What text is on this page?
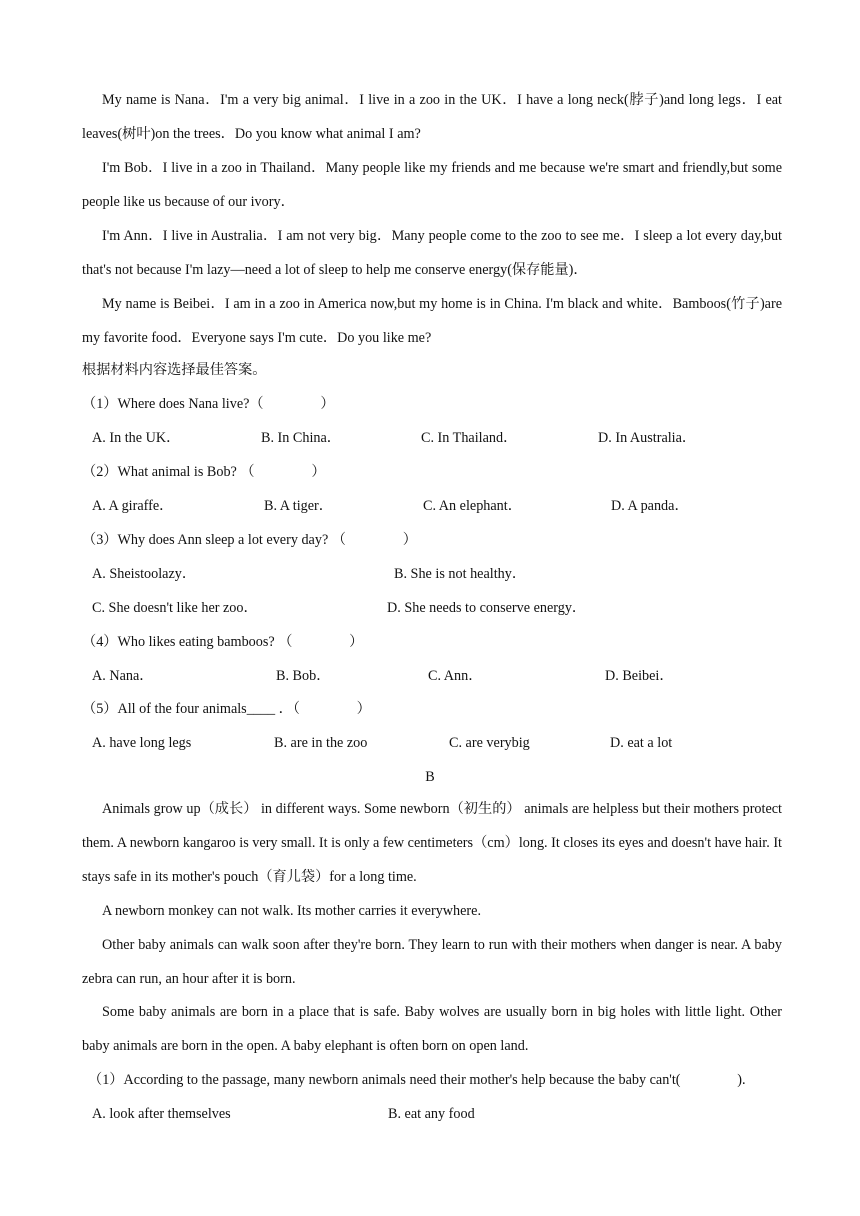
My name is Nana．I'm a very big animal．I live in a zoo in the UK．I have a long neck(脖子)and long legs．I eat leaves(树叶)on the trees．Do you know what animal I am?
I'm Bob．I live in a zoo in Thailand．Many people like my friends and me because we're smart and friendly,but some people like us because of our ivory．
I'm Ann．I live in Australia．I am not very big．Many people come to the zoo to see me．I sleep a lot every day,but that's not because I'm lazy—need a lot of sleep to help me conserve energy(保存能量)．
My name is Beibei．I am in a zoo in America now,but my home is in China. I'm black and white．Bamboos(竹子)are my favorite food．Everyone says I'm cute．Do you like me?
根据材料内容选择最佳答案。
（1）Where does Nana live?（　　　　）
A. In the UK．	B. In China．	C. In Thailand．	D. In Australia．
（2）What animal is Bob? （　　　　）
A. A giraffe．	B. A tiger．	C. An elephant．	D. A panda．
（3）Why does Ann sleep a lot every day? （　　　　）
A. Sheistoolazy．	B. She is not healthy．
C. She doesn't like her zoo．	D. She needs to conserve energy．
（4）Who likes eating bamboos? （　　　　）
A. Nana．	B. Bob．	C. Ann．	D. Beibei．
（5）All of the four animals____ ．（　　　　）
A. have long legs	B. are in the zoo	C. are verybig	D. eat a lot
B
Animals grow up（成长） in different ways. Some newborn（初生的） animals are helpless but their mothers protect them. A newborn kangaroo is very small. It is only a few centimeters（cm）long. It closes its eyes and doesn't have hair. It stays safe in its mother's pouch（育儿袋）for a long time.
A newborn monkey can not walk. Its mother carries it everywhere.
Other baby animals can walk soon after they're born. They learn to run with their mothers when danger is near. A baby zebra can run, an hour after it is born.
Some baby animals are born in a place that is safe. Baby wolves are usually born in big holes with little light. Other baby animals are born in the open. A baby elephant is often born on open land.
（1）According to the passage, many newborn animals need their mother's help because the baby can't(　　　　).
A. look after themselves	B. eat any food
